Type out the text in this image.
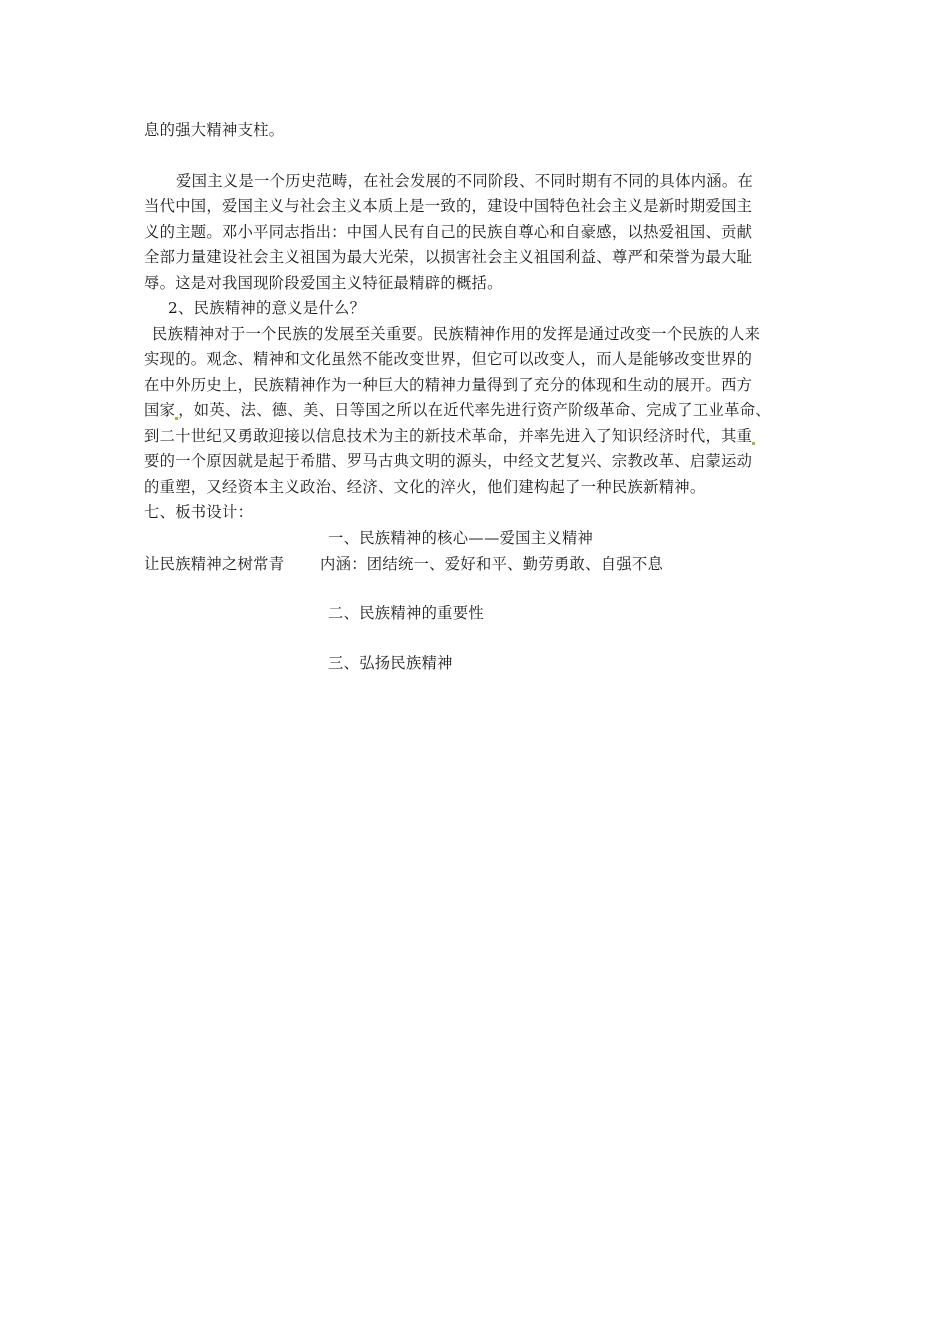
息的强大精神支柱。

爱国主义是一个历史范畴，在社会发展的不同阶段、不同时期有不同的具体内涵。在
当代中国，爱国主义与社会主义本质上是一致的，建设中国特色社会主义是新时期爱国主
义的主题。邓小平同志指出：中国人民有自己的民族自尊心和自豪感，以热爱祖国、贡献
全部力量建设社会主义祖国为最大光荣，以损害社会主义祖国利益、尊严和荣誉为最大耻
辱。这是对我国现阶段爱国主义特征最精辟的概括。

2、民族精神的意义是什么？

民族精神对于一个民族的发展至关重要。民族精神作用的发挥是通过改变一个民族的人来
实现的。观念、精神和文化虽然不能改变世界，但它可以改变人，而人是能够改变世界的
在中外历史上，民族精神作为一种巨大的精神力量得到了充分的体现和生动的展开。西方
国家 ，如英、法、德、美、日等国之所以在近代率先进行资产阶级革命、完成了工业革命、
到二十世纪又勇敢迎接以信息技术为主的新技术革命，并率先进入了知识经济时代，其重
要的一个原因就是起于希腊、罗马古典文明的源头，中经文艺复兴、宗教改革、启蒙运动
的重塑，又经资本主义政治、经济、文化的淬火，他们建构起了一种民族新精神。

七、板书设计：

一、民族精神的核心——爱国主义精神
让民族精神之树常青 内涵：团结统一、爱好和平、勤劳勇敢、自强不息
二、民族精神的重要性
三、弘扬民族精神
